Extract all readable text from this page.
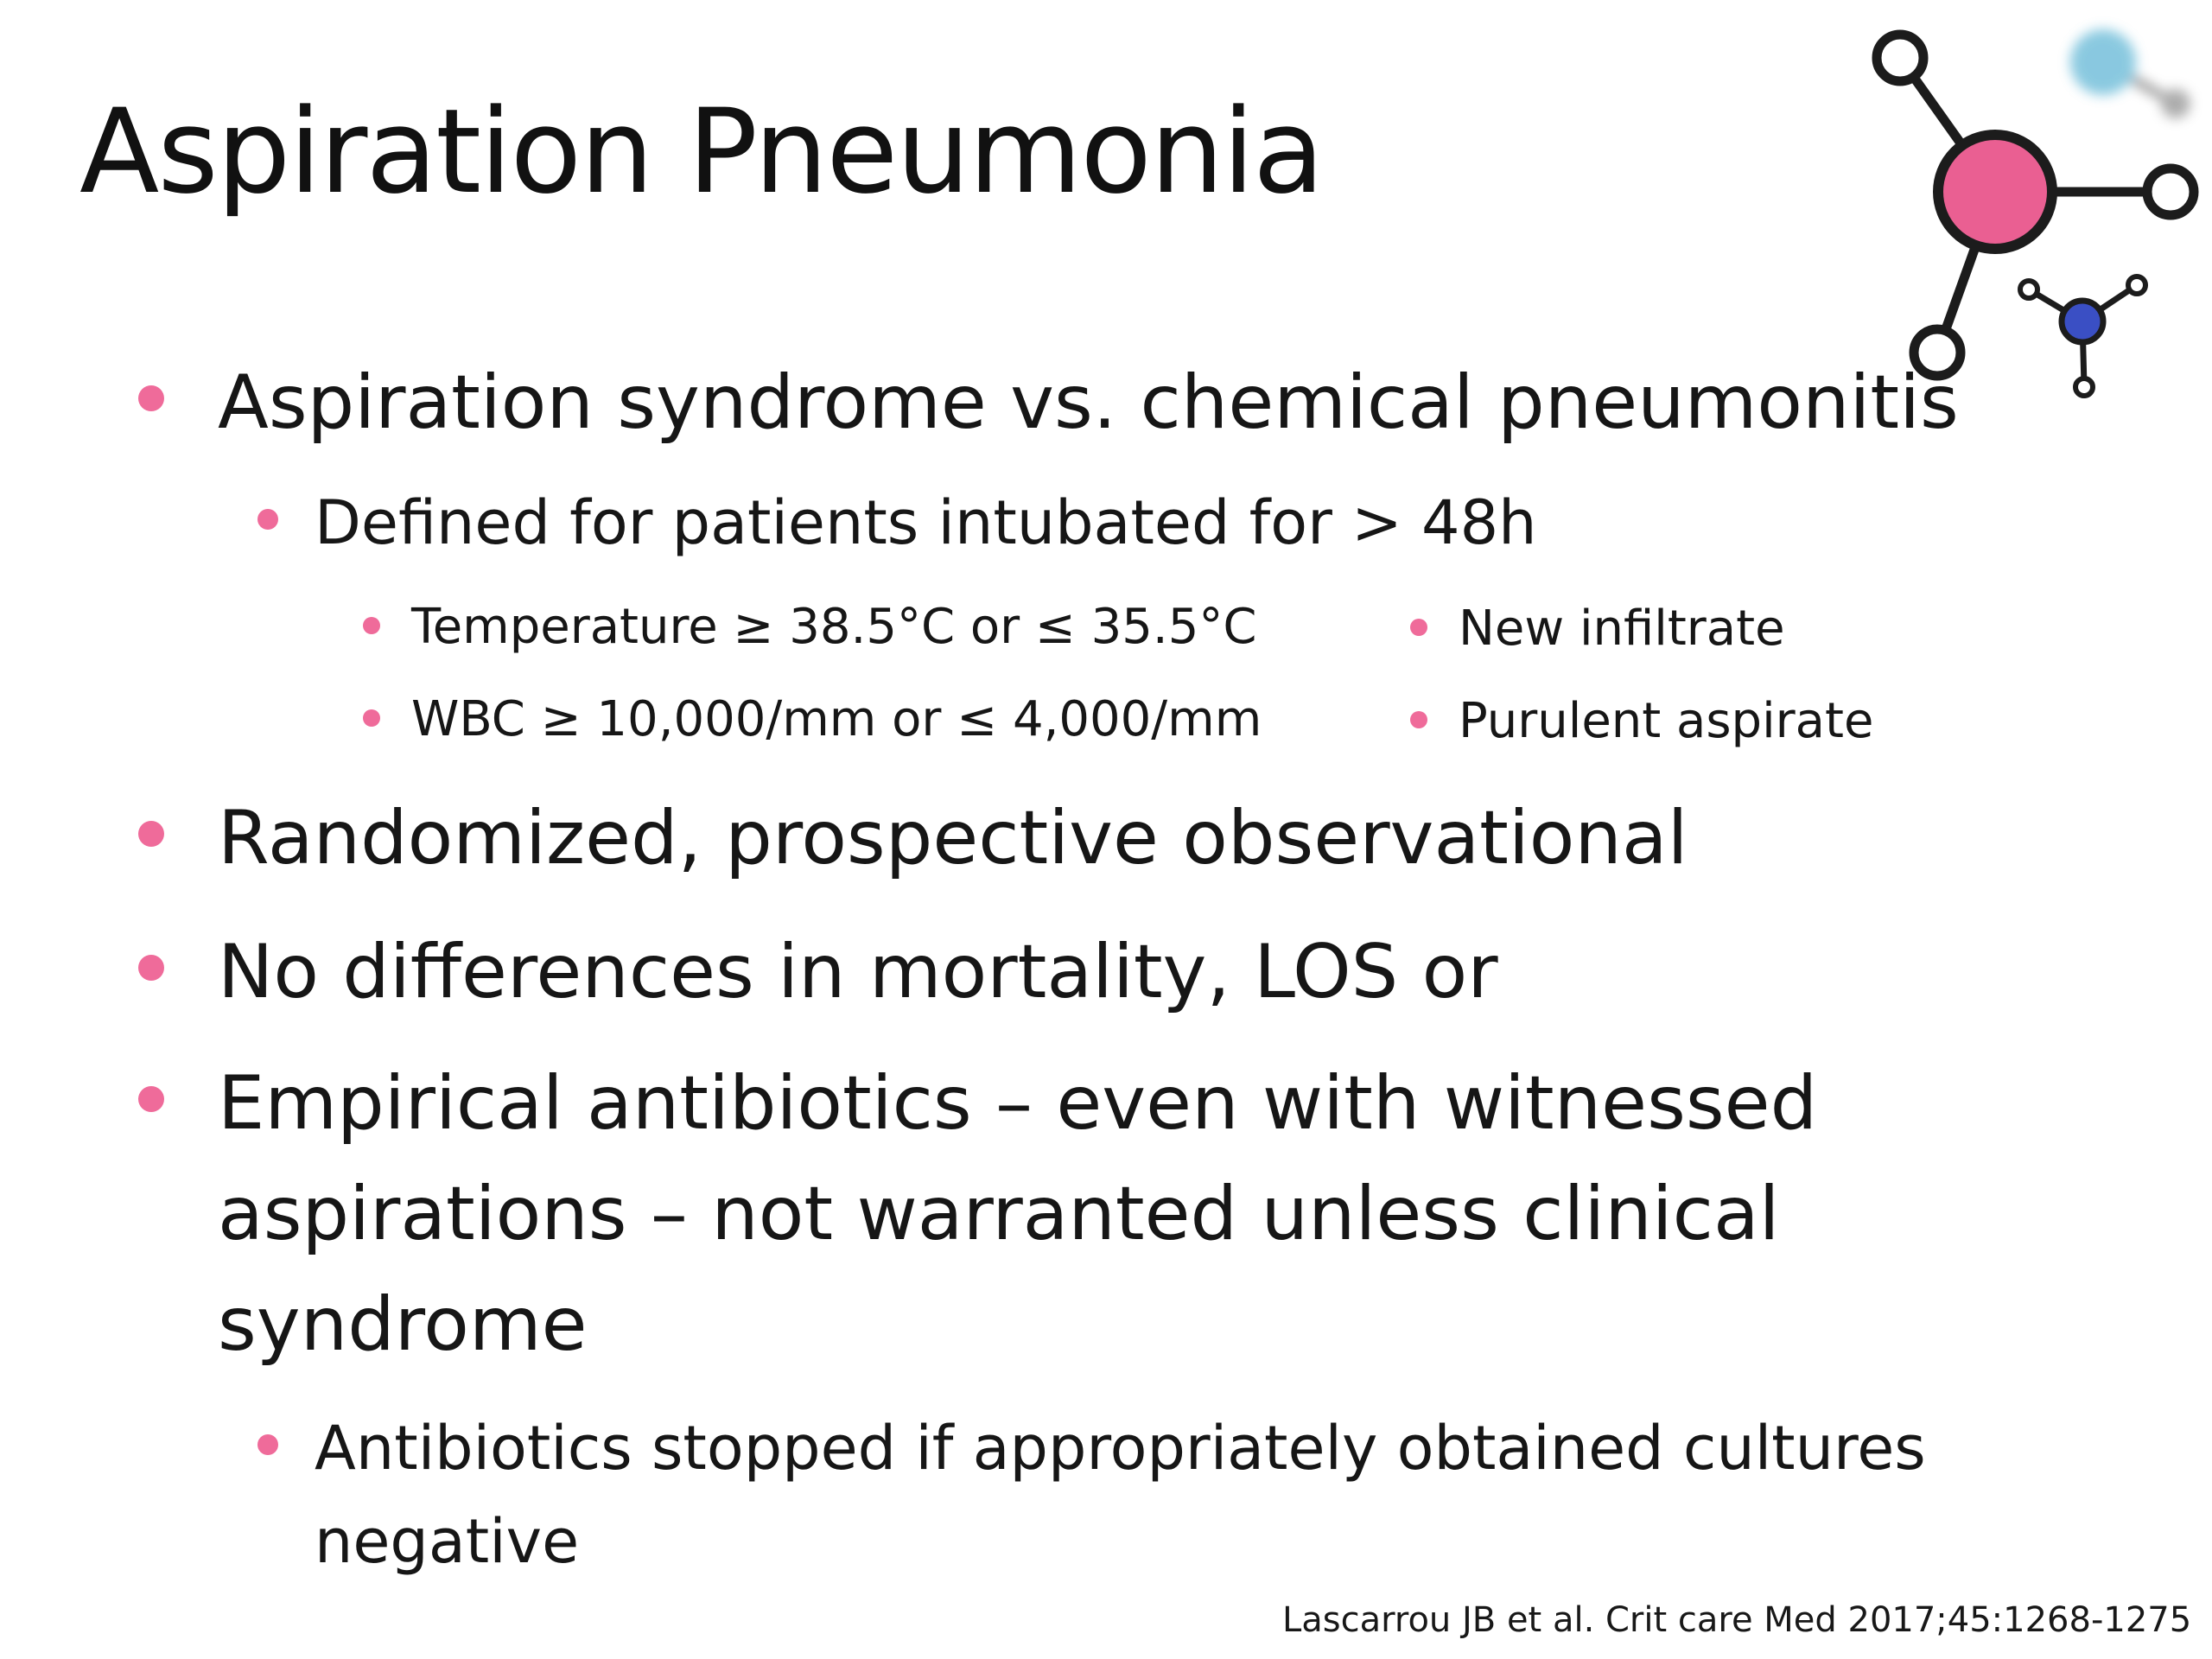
Aspiration Pneumonia
Aspiration syndrome vs. chemical pneumonitis
Defined for patients intubated for > 48h
Temperature ≥ 38.5°C or ≤ 35.5°C	New infiltrate
WBC ≥ 10,000/mm or ≤ 4,000/mm	Purulent aspirate
Randomized, prospective observational
No differences in mortality, LOS or
Empirical antibiotics – even with witnessed
aspirations – not warranted unless clinical
syndrome
Antibiotics stopped if appropriately obtained cultures
negative
Lascarrou JB et al. Crit care Med 2017;45:1268-1275
